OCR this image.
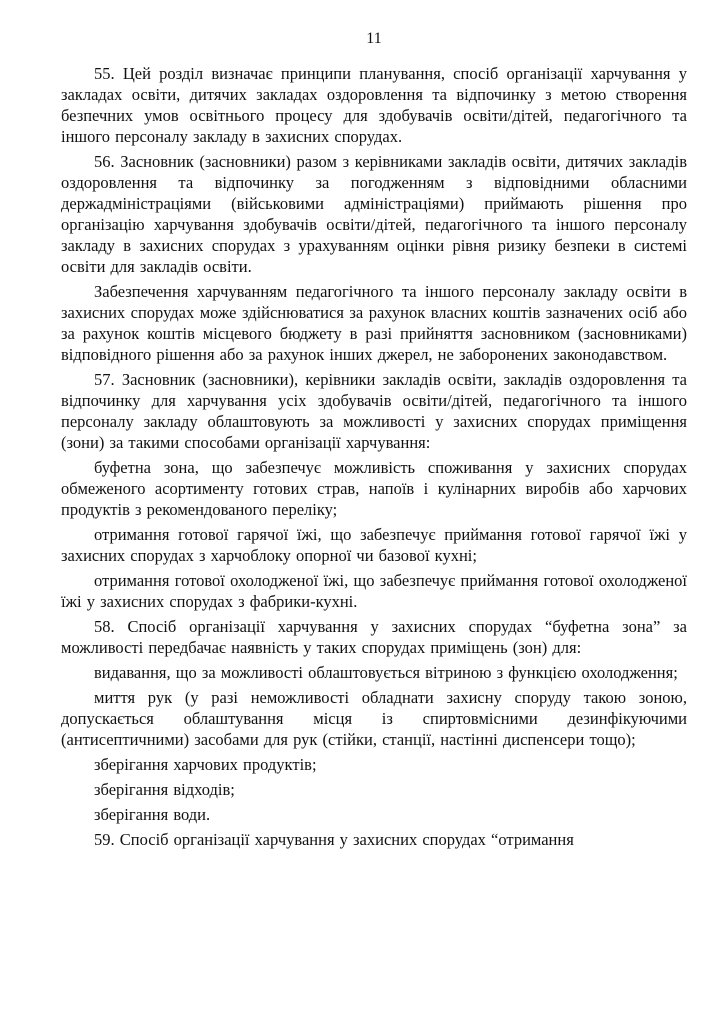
11

55. Цей розділ визначає принципи планування, спосіб організації харчування у закладах освіти, дитячих закладах оздоровлення та відпочинку з метою створення безпечних умов освітнього процесу для здобувачів освіти/дітей, педагогічного та іншого персоналу закладу в захисних спорудах.

56. Засновник (засновники) разом з керівниками закладів освіти, дитячих закладів оздоровлення та відпочинку за погодженням з відповідними обласними держадміністраціями (військовими адміністраціями) приймають рішення про організацію харчування здобувачів освіти/дітей, педагогічного та іншого персоналу закладу в захисних спорудах з урахуванням оцінки рівня ризику безпеки в системі освіти для закладів освіти.

Забезпечення харчуванням педагогічного та іншого персоналу закладу освіти в захисних спорудах може здійснюватися за рахунок власних коштів зазначених осіб або за рахунок коштів місцевого бюджету в разі прийняття засновником (засновниками) відповідного рішення або за рахунок інших джерел, не заборонених законодавством.

57. Засновник (засновники), керівники закладів освіти, закладів оздоровлення та відпочинку для харчування усіх здобувачів освіти/дітей, педагогічного та іншого персоналу закладу облаштовують за можливості у захисних спорудах приміщення (зони) за такими способами організації харчування:

буфетна зона, що забезпечує можливість споживання у захисних спорудах обмеженого асортименту готових страв, напоїв і кулінарних виробів або харчових продуктів з рекомендованого переліку;

отримання готової гарячої їжі, що забезпечує приймання готової гарячої їжі у захисних спорудах з харчоблоку опорної чи базової кухні;

отримання готової охолодженої їжі, що забезпечує приймання готової охолодженої їжі у захисних спорудах з фабрики-кухні.

58. Спосіб організації харчування у захисних спорудах “буфетна зона” за можливості передбачає наявність у таких спорудах приміщень (зон) для:

видавання, що за можливості облаштовується вітриною з функцією охолодження;

миття рук (у разі неможливості обладнати захисну споруду такою зоною, допускається облаштування місця із спиртовмісними дезинфікуючими (антисептичними) засобами для рук (стійки, станції, настінні диспенсери тощо);

зберігання харчових продуктів;

зберігання відходів;

зберігання води.

59. Спосіб організації харчування у захисних спорудах “отримання
